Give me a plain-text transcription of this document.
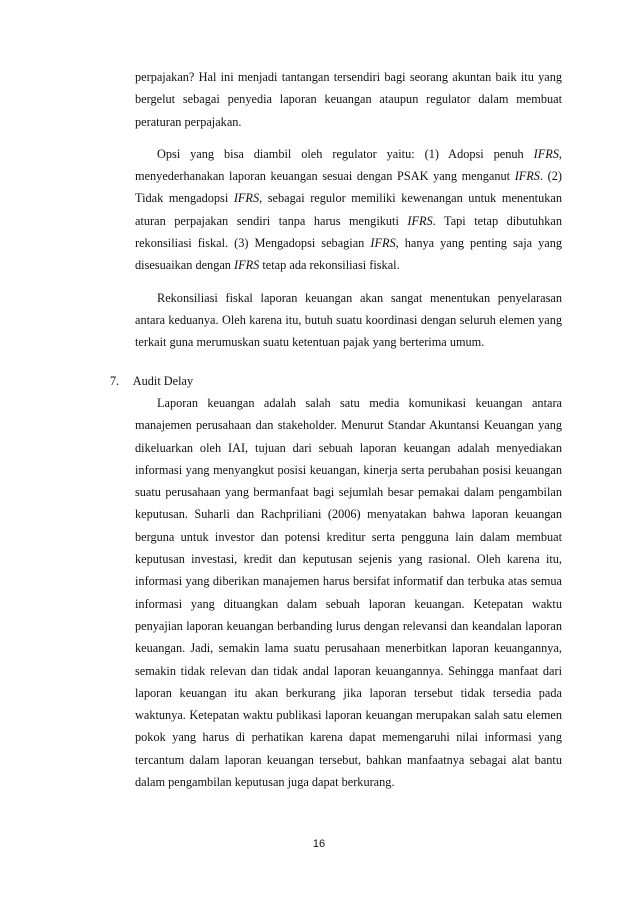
perpajakan? Hal ini menjadi tantangan tersendiri bagi seorang akuntan baik itu yang bergelut sebagai penyedia laporan keuangan ataupun regulator dalam membuat peraturan perpajakan.

Opsi yang bisa diambil oleh regulator yaitu: (1) Adopsi penuh IFRS, menyederhanakan laporan keuangan sesuai dengan PSAK yang menganut IFRS. (2) Tidak mengadopsi IFRS, sebagai regulor memiliki kewenangan untuk menentukan aturan perpajakan sendiri tanpa harus mengikuti IFRS. Tapi tetap dibutuhkan rekonsiliasi fiskal. (3) Mengadopsi sebagian IFRS, hanya yang penting saja yang disesuaikan dengan IFRS tetap ada rekonsiliasi fiskal.

Rekonsiliasi fiskal laporan keuangan akan sangat menentukan penyelarasan antara keduanya. Oleh karena itu, butuh suatu koordinasi dengan seluruh elemen yang terkait guna merumuskan suatu ketentuan pajak yang berterima umum.

7. Audit Delay

Laporan keuangan adalah salah satu media komunikasi keuangan antara manajemen perusahaan dan stakeholder. Menurut Standar Akuntansi Keuangan yang dikeluarkan oleh IAI, tujuan dari sebuah laporan keuangan adalah menyediakan informasi yang menyangkut posisi keuangan, kinerja serta perubahan posisi keuangan suatu perusahaan yang bermanfaat bagi sejumlah besar pemakai dalam pengambilan keputusan. Suharli dan Rachpriliani (2006) menyatakan bahwa laporan keuangan berguna untuk investor dan potensi kreditur serta pengguna lain dalam membuat keputusan investasi, kredit dan keputusan sejenis yang rasional. Oleh karena itu, informasi yang diberikan manajemen harus bersifat informatif dan terbuka atas semua informasi yang dituangkan dalam sebuah laporan keuangan. Ketepatan waktu penyajian laporan keuangan berbanding lurus dengan relevansi dan keandalan laporan keuangan. Jadi, semakin lama suatu perusahaan menerbitkan laporan keuangannya, semakin tidak relevan dan tidak andal laporan keuangannya. Sehingga manfaat dari laporan keuangan itu akan berkurang jika laporan tersebut tidak tersedia pada waktunya. Ketepatan waktu publikasi laporan keuangan merupakan salah satu elemen pokok yang harus di perhatikan karena dapat memengaruhi nilai informasi yang tercantum dalam laporan keuangan tersebut, bahkan manfaatnya sebagai alat bantu dalam pengambilan keputusan juga dapat berkurang.

16
